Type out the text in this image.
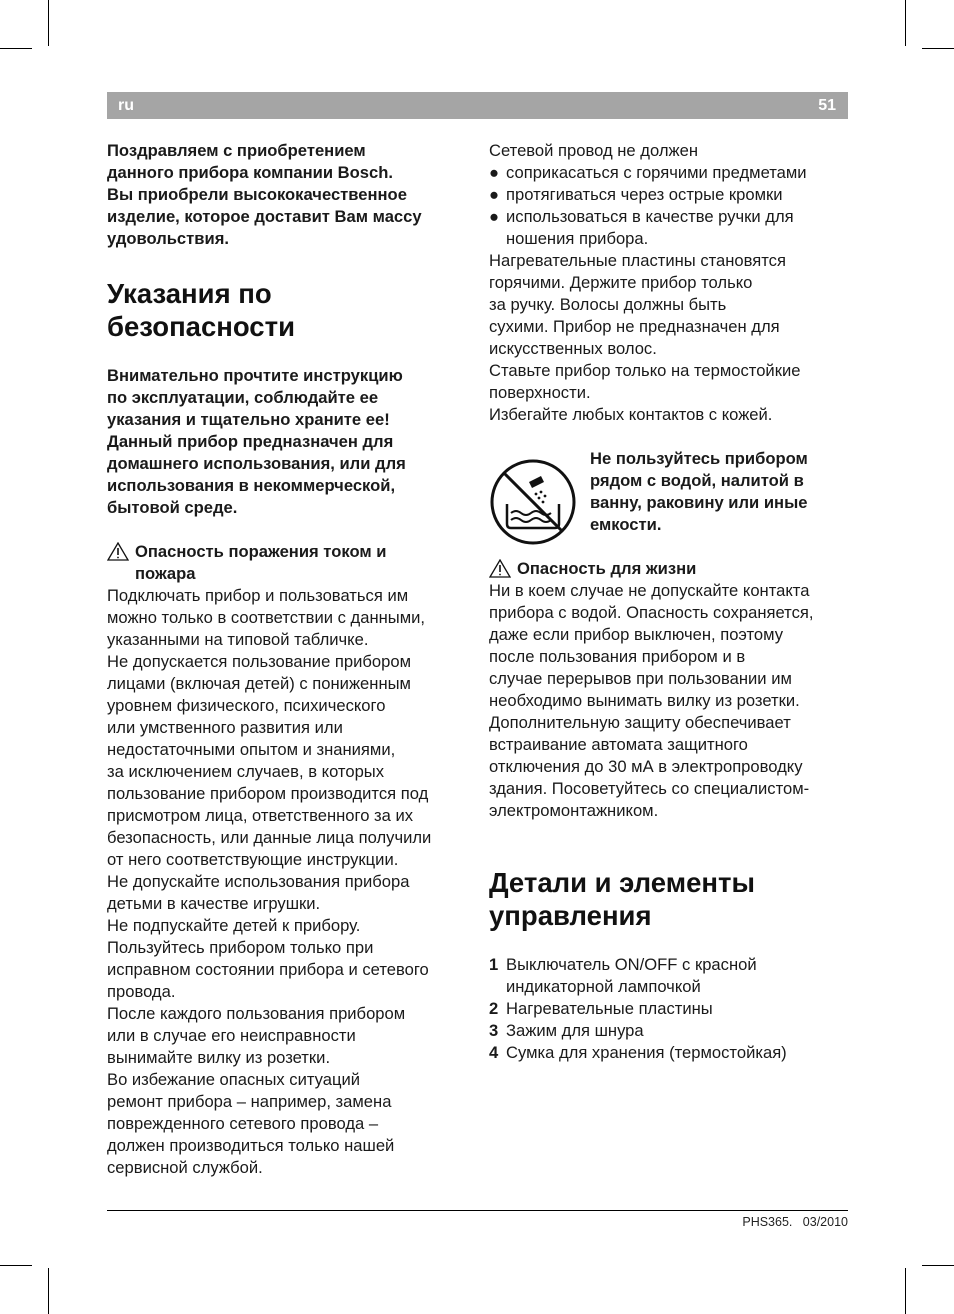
ru	51
Поздравляем с приобретением
данного прибора компании Bosch.
Вы приобрели высококачественное
изделие, которое доставит Вам массу
удовольствия.
Указания по
безопасности
Внимательно прочтите инструкцию
по эксплуатации, соблюдайте ее
указания и тщательно храните ее!
Данный прибор предназначен для
домашнего использования, или для
использования в некоммерческой,
бытовой среде.
Опасность поражения током и
пожара
Подключать прибор и пользоваться им
можно только в соответствии с данными,
указанными на типовой табличке.
Не допускается пользование прибором
лицами (включая детей) с пониженным
уровнем физического, психического
или умственного развития или
недостаточными опытом и знаниями,
за исключением случаев, в которых
пользование прибором производится под
присмотром лица, ответственного за их
безопасность, или данные лица получили
от него соответствующие инструкции.
Не допускайте использования прибора
детьми в качестве игрушки.
Не подпускайте детей к прибору.
Пользуйтесь прибором только при
исправном состоянии прибора и сетевого
провода.
После каждого пользования прибором
или в случае его неисправности
вынимайте вилку из розетки.
Во избежание опасных ситуаций
ремонт прибора – например, замена
поврежденного сетевого провода –
должен производиться только нашей
сервисной службой.
Сетевой провод не должен
● соприкасаться с горячими предметами
● протягиваться через острые кромки
● использоваться в качестве ручки для
ношения прибора.
Нагревательные пластины становятся
горячими. Держите прибор только
за ручку. Волосы должны быть
сухими. Прибор не предназначен для
искусственных волос.
Ставьте прибор только на термостойкие
поверхности.
Избегайте любых контактов с кожей.
Не пользуйтесь прибором
рядом с водой, налитой в
ванну, раковину или иные
емкости.
Опасность для жизни
Ни в коем случае не допускайте контакта
прибора с водой. Опасность сохраняется,
даже если прибор выключен, поэтому
после пользования прибором и в
случае перерывов при пользовании им
необходимо вынимать вилку из розетки.
Дополнительную защиту обеспечивает
встраивание автомата защитного
отключения до 30 мА в электропроводку
здания. Посоветуйтесь со специалистом-
электромонтажником.
Детали и элементы
управления
1 Выключатель ON/OFF с красной
индикаторной лампочкой
2 Нагревательные пластины
3 Зажим для шнура
4 Сумка для хранения (термостойкая)
PHS365.   03/2010
